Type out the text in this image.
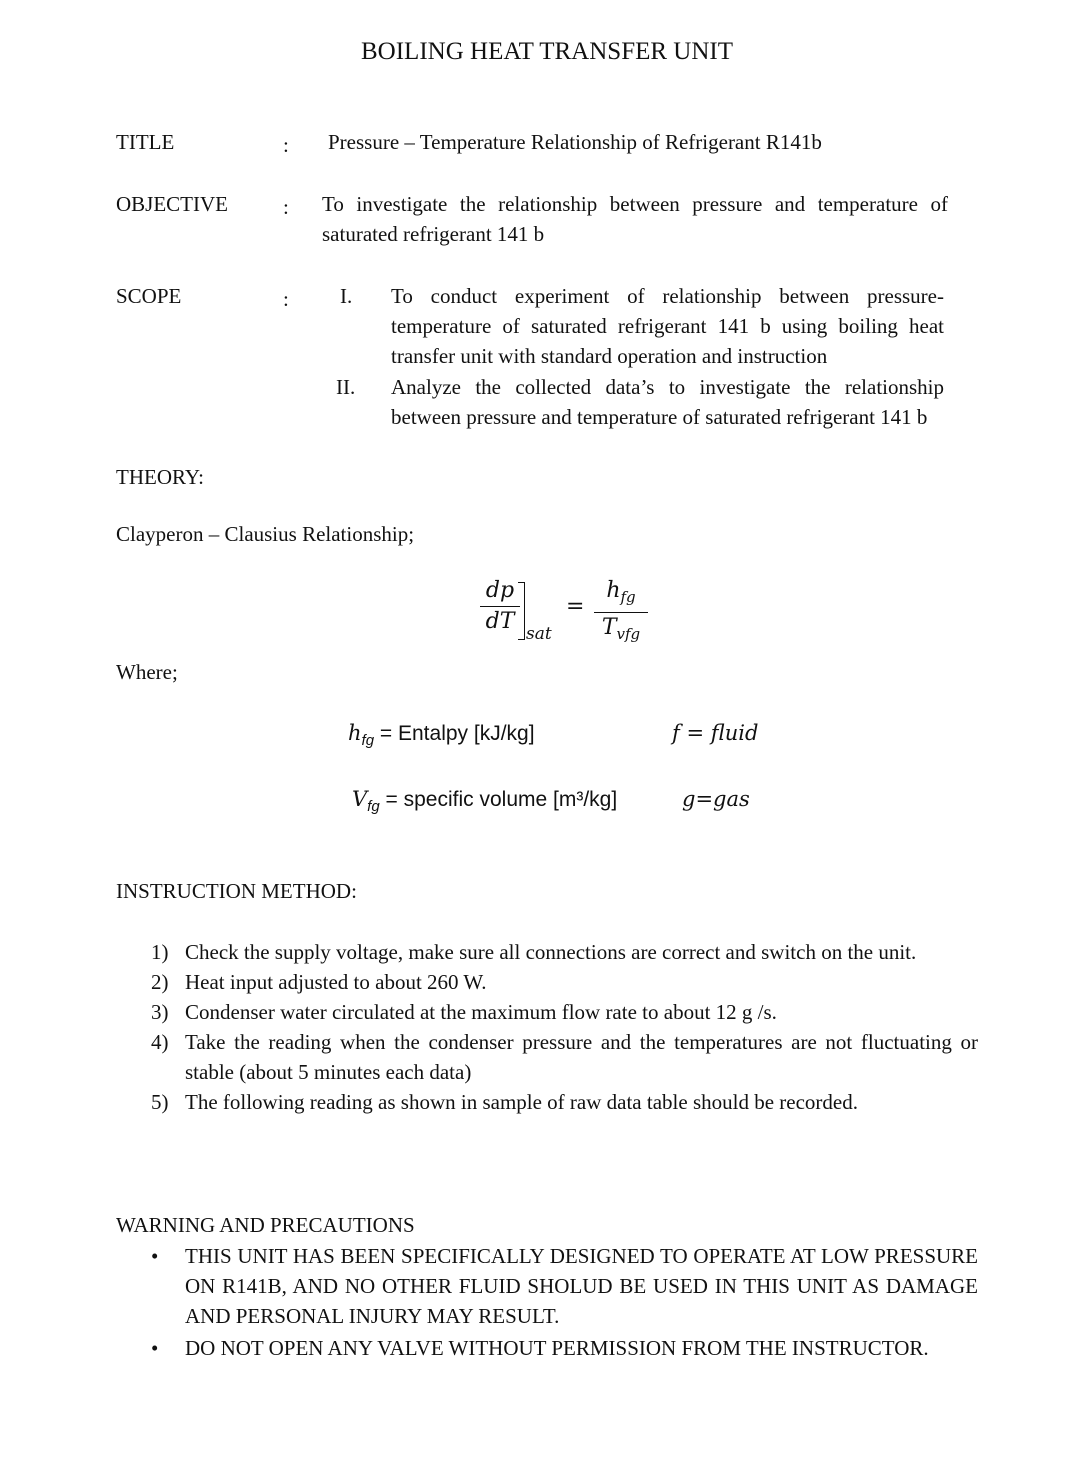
BOILING HEAT TRANSFER UNIT
TITLE	: Pressure – Temperature Relationship of Refrigerant R141b
OBJECTIVE	: To investigate the relationship between pressure and temperature of saturated refrigerant 141 b
SCOPE	: I.	To conduct experiment of relationship between pressure-temperature of saturated refrigerant 141 b using boiling heat transfer unit with standard operation and instruction
II.	Analyze the collected data’s to investigate the relationship between pressure and temperature of saturated refrigerant 141 b
THEORY:
Clayperon – Clausius Relationship;
dp
dT sat
=
$h_{fg}$
$T_{vfg}$
Where;
$h_{fg}$ = Entalpy [kJ/kg]	f = fluid
$V_{fg}$ = specific volume [m³/kg]	g=gas
INSTRUCTION METHOD:
1) Check the supply voltage, make sure all connections are correct and switch on the unit.
2) Heat input adjusted to about 260 W.
3) Condenser water circulated at the maximum flow rate to about 12 g /s.
4) Take the reading when the condenser pressure and the temperatures are not fluctuating or stable (about 5 minutes each data)
5) The following reading as shown in sample of raw data table should be recorded.
WARNING AND PRECAUTIONS
• THIS UNIT HAS BEEN SPECIFICALLY DESIGNED TO OPERATE AT LOW PRESSURE ON R141B, AND NO OTHER FLUID SHOLUD BE USED IN THIS UNIT AS DAMAGE AND PERSONAL INJURY MAY RESULT.
• DO NOT OPEN ANY VALVE WITHOUT PERMISSION FROM THE INSTRUCTOR.
